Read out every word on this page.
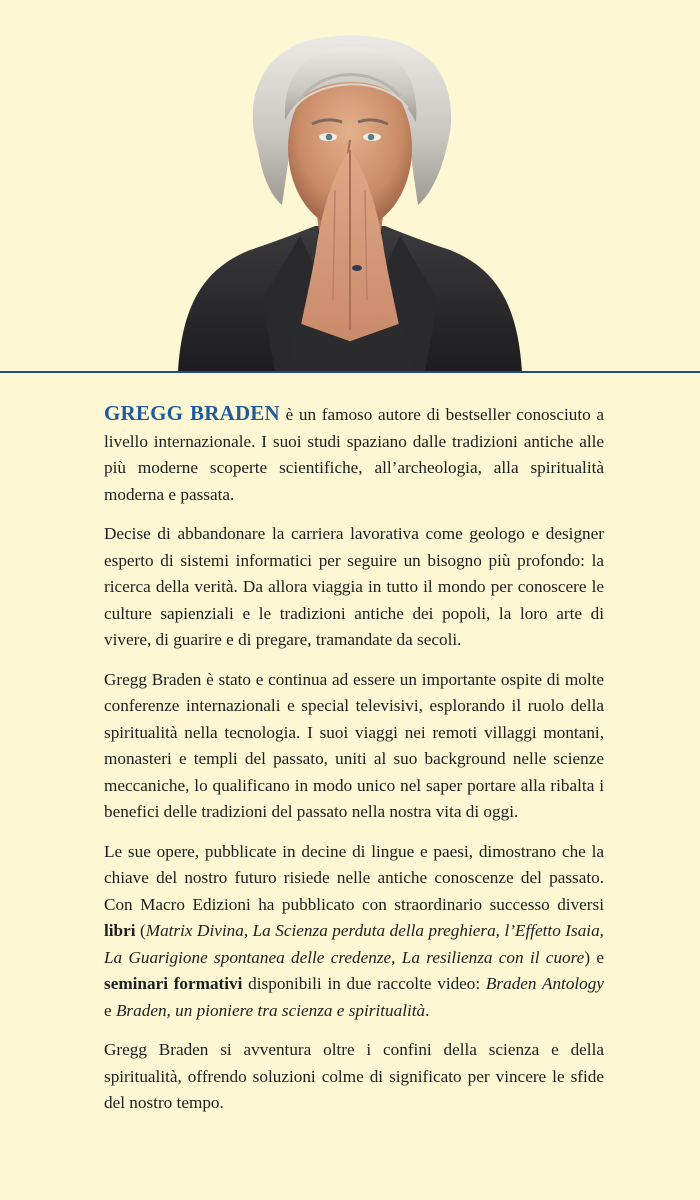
GREGG BRADEN è un famoso autore di bestseller conosciuto a livello internazionale. I suoi studi spaziano dalle tradizioni antiche alle più moderne scoperte scientifiche, all’archeologia, alla spiritualità moderna e passata.

Decise di abbandonare la carriera lavorativa come geologo e designer esperto di sistemi informatici per seguire un bisogno più profondo: la ricerca della verità. Da allora viaggia in tutto il mondo per conoscere le culture sapienziali e le tradizioni antiche dei popoli, la loro arte di vivere, di guarire e di pregare, tramandate da secoli.

Gregg Braden è stato e continua ad essere un importante ospite di molte conferenze internazionali e special televisivi, esplorando il ruolo della spiritualità nella tecnologia. I suoi viaggi nei remoti villaggi montani, monasteri e templi del passato, uniti al suo background nelle scienze meccaniche, lo qualificano in modo unico nel saper portare alla ribalta i benefici delle tradizioni del passato nella nostra vita di oggi.

Le sue opere, pubblicate in decine di lingue e paesi, dimostrano che la chiave del nostro futuro risiede nelle antiche conoscenze del passato. Con Macro Edizioni ha pubblicato con straordinario successo diversi libri (Matrix Divina, La Scienza perduta della preghiera, l’Effetto Isaia, La Guarigione spontanea delle credenze, La resilienza con il cuore) e seminari formativi disponibili in due raccolte video: Braden Antology e Braden, un pioniere tra scienza e spiritualità.

Gregg Braden si avventura oltre i confini della scienza e della spiritualità, offrendo soluzioni colme di significato per vincere le sfide del nostro tempo.
